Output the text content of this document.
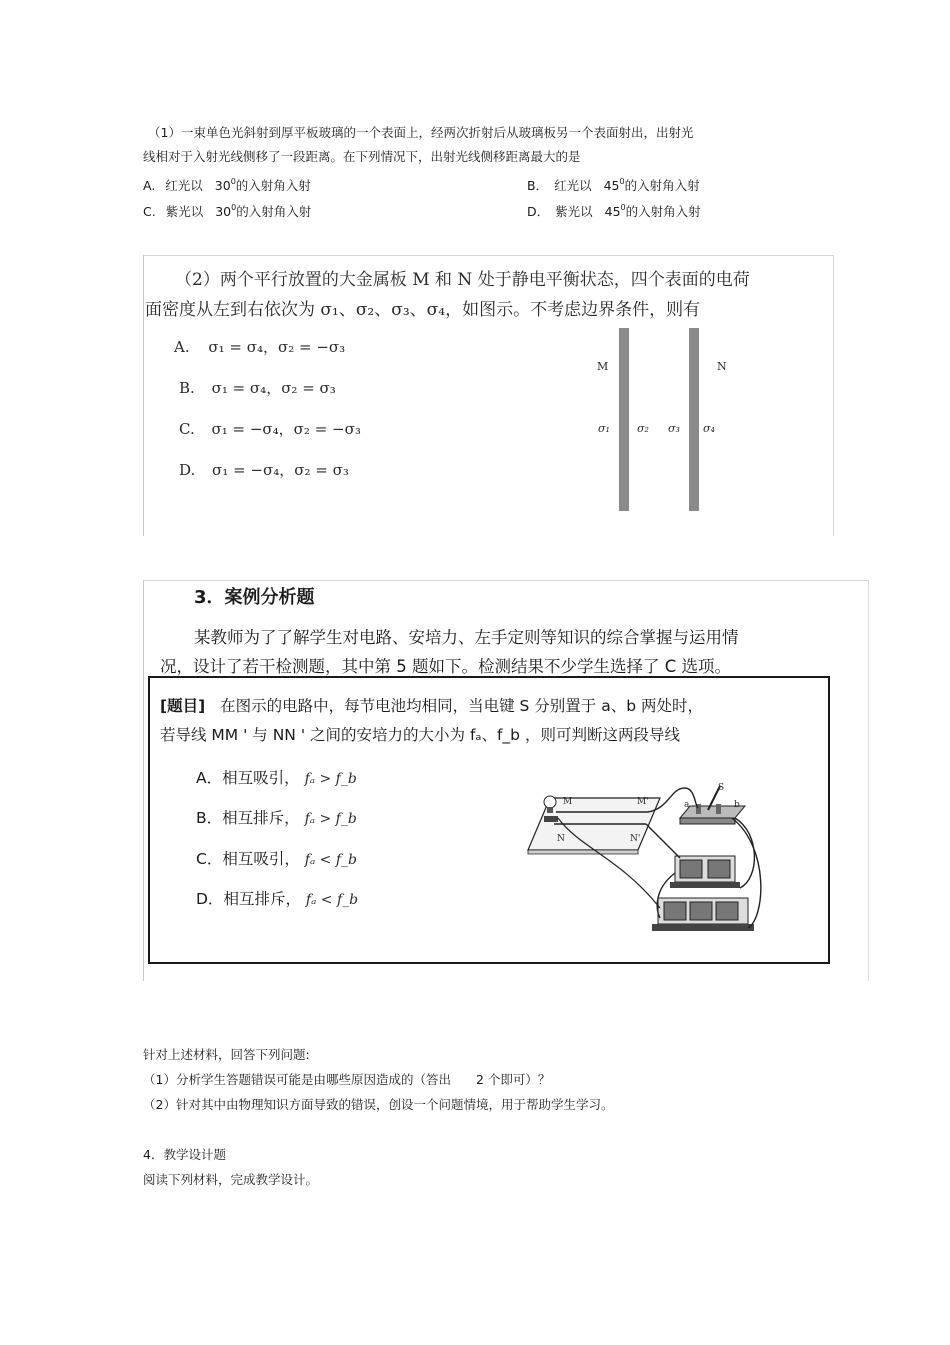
（1）一束单色光斜射到厚平板玻璃的一个表面上，经两次折射后从玻璃板另一个表面射出，出射光
线相对于入射光线侧移了一段距离。在下列情况下，出射光线侧移距离最大的是
A. 红光以 $30^0$的入射角入射	B． 红光以 $45^0$的入射角入射
C. 紫光以 $30^0$的入射角入射	D． 紫光以 $45^0$的入射角入射
（2）两个平行放置的大金属板 M 和 N 处于静电平衡状态，四个表面的电荷
面密度从左到右依次为 σ₁、σ₂、σ₃、σ₄，如图示。不考虑边界条件，则有
A. σ₁ = σ₄，σ₂ = −σ₃
B. σ₁ = σ₄，σ₂ = σ₃
C. σ₁ = −σ₄，σ₂ = −σ₃
D. σ₁ = −σ₄，σ₂ = σ₃
M	N
σ₁ σ₂ σ₃ σ₄
3．案例分析题
某教师为了了解学生对电路、安培力、左手定则等知识的综合掌握与运用情
况，设计了若干检测题，其中第 5 题如下。检测结果不少学生选择了 C 选项。
[题目] 在图示的电路中，每节电池均相同，当电键 S 分别置于 a、b 两处时，
若导线 MM ' 与 NN ' 之间的安培力的大小为 fₐ、f_b ，则可判断这两段导线
A．相互吸引， fₐ > f_b
B．相互排斥， fₐ > f_b
C．相互吸引， fₐ < f_b
D．相互排斥， fₐ < f_b
M	M'
N	N'
S
a	b
针对上述材料，回答下列问题:
（1）分析学生答题错误可能是由哪些原因造成的（答出　　2 个即可）？
（2）针对其中由物理知识方面导致的错误，创设一个问题情境，用于帮助学生学习。
4．教学设计题
阅读下列材料，完成教学设计。
